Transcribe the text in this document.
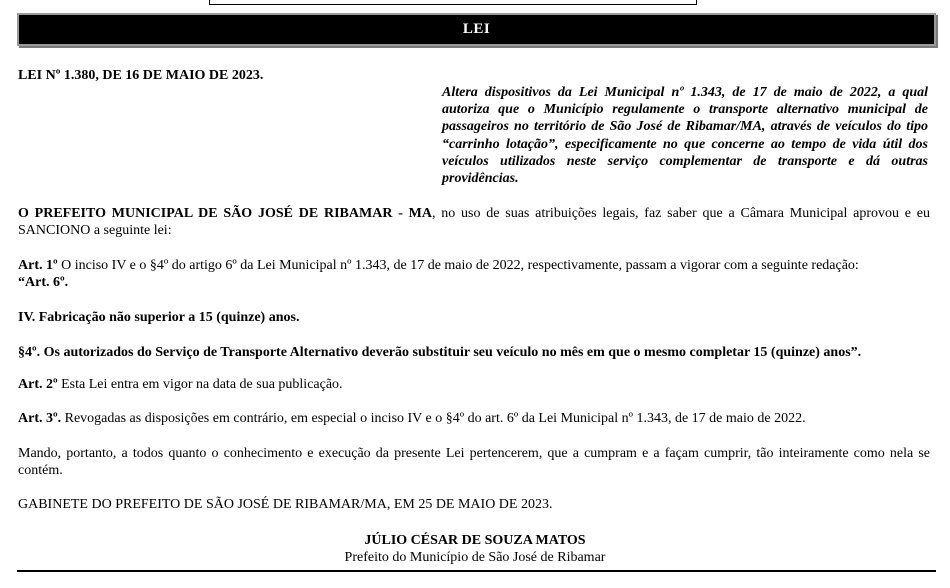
LEI
LEI Nº 1.380, DE 16 DE MAIO DE 2023.

Altera dispositivos da Lei Municipal nº 1.343, de 17 de maio de 2022, a qual autoriza que o Município regulamente o transporte alternativo municipal de passageiros no território de São José de Ribamar/MA, através de veículos do tipo “carrinho lotação”, especificamente no que concerne ao tempo de vida útil dos veículos utilizados neste serviço complementar de transporte e dá outras providências.

O PREFEITO MUNICIPAL DE SÃO JOSÉ DE RIBAMAR - MA, no uso de suas atribuições legais, faz saber que a Câmara Municipal aprovou e eu SANCIONO a seguinte lei:

Art. 1º O inciso IV e o §4º do artigo 6º da Lei Municipal nº 1.343, de 17 de maio de 2022, respectivamente, passam a vigorar com a seguinte redação:
“Art. 6º.

IV. Fabricação não superior a 15 (quinze) anos.

§4º. Os autorizados do Serviço de Transporte Alternativo deverão substituir seu veículo no mês em que o mesmo completar 15 (quinze) anos”.

Art. 2º Esta Lei entra em vigor na data de sua publicação.

Art. 3º. Revogadas as disposições em contrário, em especial o inciso IV e o §4º do art. 6º da Lei Municipal nº 1.343, de 17 de maio de 2022.

Mando, portanto, a todos quanto o conhecimento e execução da presente Lei pertencerem, que a cumpram e a façam cumprir, tão inteiramente como nela se contém.

GABINETE DO PREFEITO DE SÃO JOSÉ DE RIBAMAR/MA, EM 25 DE MAIO DE 2023.

JÚLIO CÉSAR DE SOUZA MATOS
Prefeito do Município de São José de Ribamar
